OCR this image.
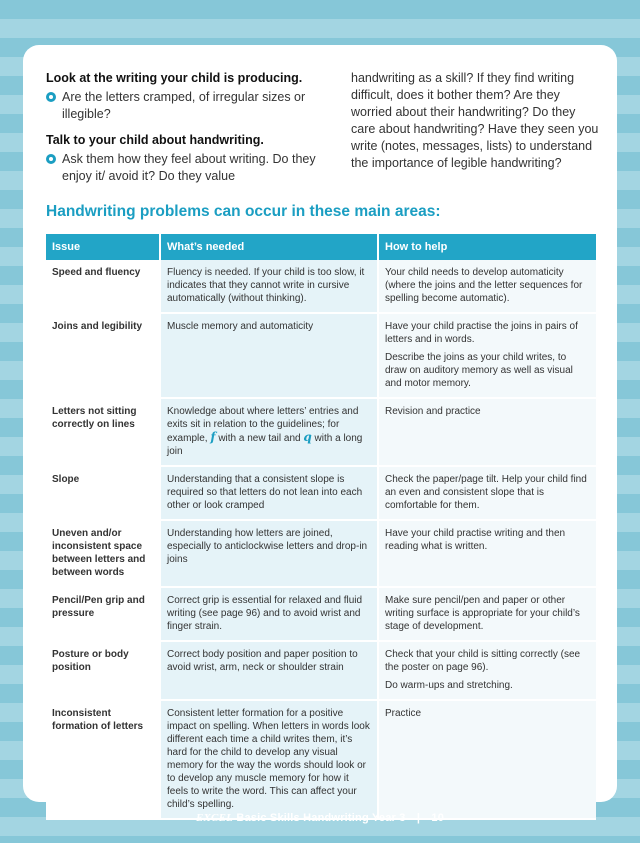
Look at the writing your child is producing.
Are the letters cramped, of irregular sizes or illegible?
Talk to your child about handwriting.
Ask them how they feel about writing. Do they enjoy it/ avoid it? Do they value
handwriting as a skill? If they find writing difficult, does it bother them? Are they worried about their handwriting? Do they care about handwriting? Have they seen you write (notes, messages, lists) to understand the importance of legible handwriting?
Handwriting problems can occur in these main areas:
Issue	What’s needed	How to help
Speed and fluency	Fluency is needed. If your child is too slow, it indicates that they cannot write in cursive automatically (without thinking).	Your child needs to develop automaticity (where the joins and the letter sequences for spelling become automatic).

Joins and legibility	Muscle memory and automaticity	Have your child practise the joins in pairs of letters and in words.

Describe the joins as your child writes, to draw on auditory memory as well as visual and motor memory.

Letters not sitting correctly on lines	Knowledge about where letters’ entries and exits sit in relation to the guidelines; for example, f with a new tail and q with a long join	Revision and practice

Slope	Understanding that a consistent slope is required so that letters do not lean into each other or look cramped	Check the paper/page tilt. Help your child find an even and consistent slope that is comfortable for them.

Uneven and/or inconsistent space between letters and between words	Understanding how letters are joined, especially to anticlockwise letters and drop-in joins	Have your child practise writing and then reading what is written.

Pencil/Pen grip and pressure	Correct grip is essential for relaxed and fluid writing (see page 96) and to avoid wrist and finger strain.	Make sure pencil/pen and paper or other writing surface is appropriate for your child’s stage of development.

Posture or body position	Correct body position and paper position to avoid wrist, arm, neck or shoulder strain	Check that your child is sitting correctly (see the poster on page 96).

Do warm-ups and stretching.

Inconsistent formation of letters	Consistent letter formation for a positive impact on spelling. When letters in words look different each time a child writes them, it’s hard for the child to develop any visual memory for the way the words should look or to develop any muscle memory for how it feels to write the word. This can affect your child’s spelling.	Practice

EXCEL Basic Skills Handwriting Year 3 | 10
